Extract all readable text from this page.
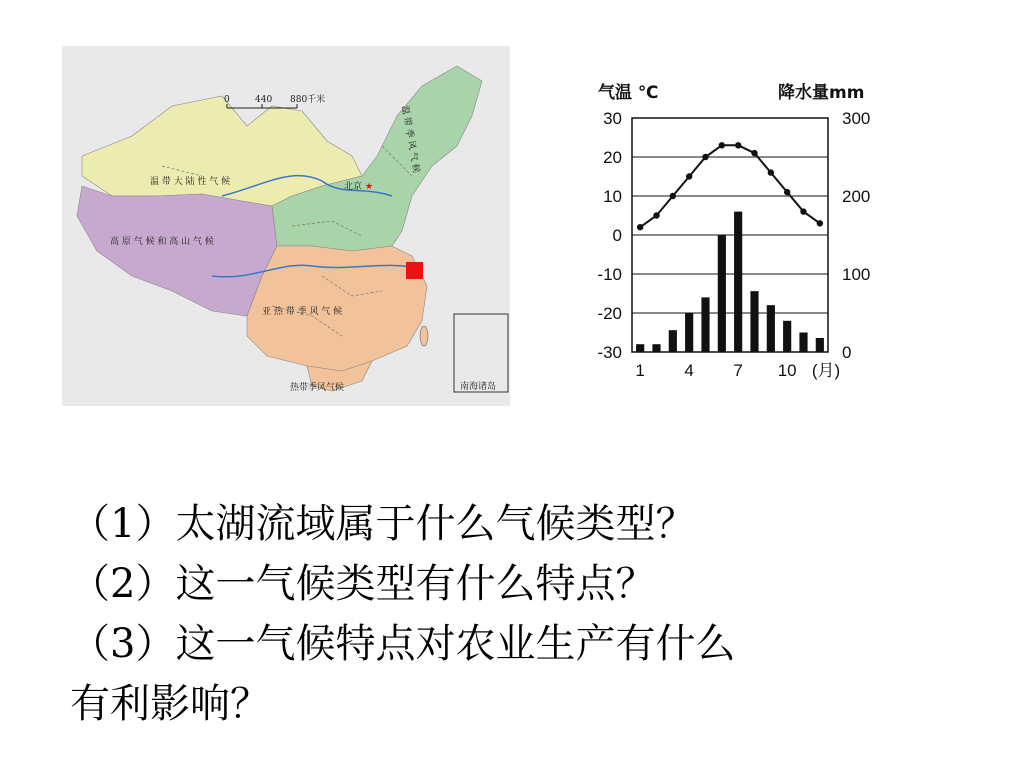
0	440 880千米
温 带 大 陆 性 气 候
高 原 气 候 和 高 山 气 候
亚 热 带 季 风 气 候
热带季风气候
温 带 季 风 气 候
北京 ★
南海诸岛
气温 ℃	降水量mm
30
20
10
0
-10
-20
-30
300
200
100
0
1 4 7 10 (月)
（1）太湖流域属于什么气候类型？
（2）这一气候类型有什么特点？
（3）这一气候特点对农业生产有什么
有利影响？
